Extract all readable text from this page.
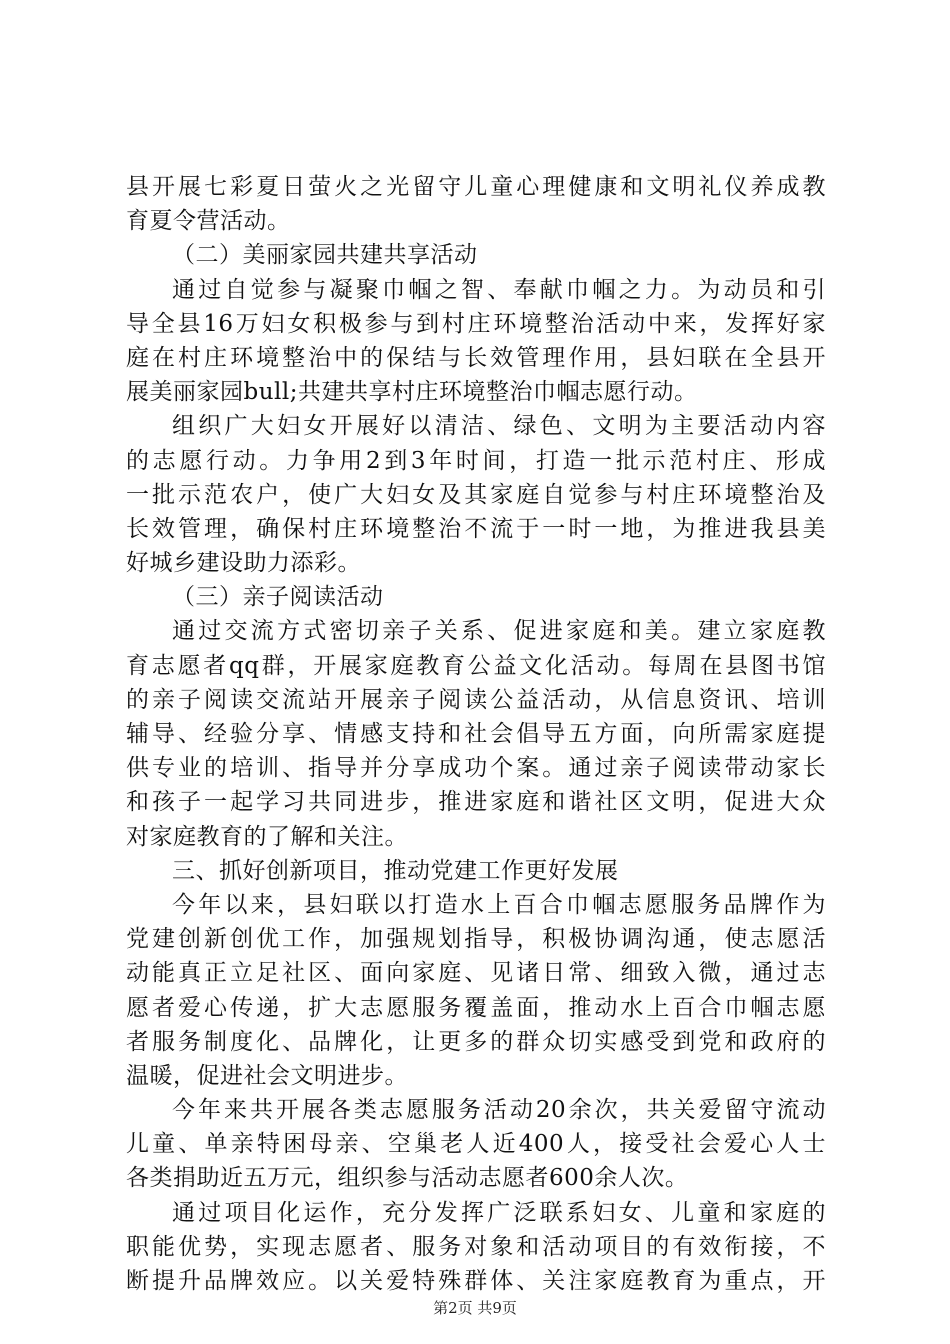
县开展七彩夏日萤火之光留守儿童心理健康和文明礼仪养成教
育夏令营活动。
（二）美丽家园共建共享活动
通过自觉参与凝聚巾帼之智、奉献巾帼之力。为动员和引
导全县16万妇女积极参与到村庄环境整治活动中来，发挥好家
庭在村庄环境整治中的保结与长效管理作用，县妇联在全县开
展美丽家园bull;共建共享村庄环境整治巾帼志愿行动。
组织广大妇女开展好以清洁、绿色、文明为主要活动内容
的志愿行动。力争用2到3年时间，打造一批示范村庄、形成
一批示范农户，使广大妇女及其家庭自觉参与村庄环境整治及
长效管理，确保村庄环境整治不流于一时一地，为推进我县美
好城乡建设助力添彩。
（三）亲子阅读活动
通过交流方式密切亲子关系、促进家庭和美。建立家庭教
育志愿者qq群，开展家庭教育公益文化活动。每周在县图书馆
的亲子阅读交流站开展亲子阅读公益活动，从信息资讯、培训
辅导、经验分享、情感支持和社会倡导五方面，向所需家庭提
供专业的培训、指导并分享成功个案。通过亲子阅读带动家长
和孩子一起学习共同进步，推进家庭和谐社区文明，促进大众
对家庭教育的了解和关注。
三、抓好创新项目，推动党建工作更好发展
今年以来，县妇联以打造水上百合巾帼志愿服务品牌作为
党建创新创优工作，加强规划指导，积极协调沟通，使志愿活
动能真正立足社区、面向家庭、见诸日常、细致入微，通过志
愿者爱心传递，扩大志愿服务覆盖面，推动水上百合巾帼志愿
者服务制度化、品牌化，让更多的群众切实感受到党和政府的
温暖，促进社会文明进步。
今年来共开展各类志愿服务活动20余次，共关爱留守流动
儿童、单亲特困母亲、空巢老人近400人，接受社会爱心人士
各类捐助近五万元，组织参与活动志愿者600余人次。
通过项目化运作，充分发挥广泛联系妇女、儿童和家庭的
职能优势，实现志愿者、服务对象和活动项目的有效衔接，不
断提升品牌效应。以关爱特殊群体、关注家庭教育为重点，开
第2页 共9页
